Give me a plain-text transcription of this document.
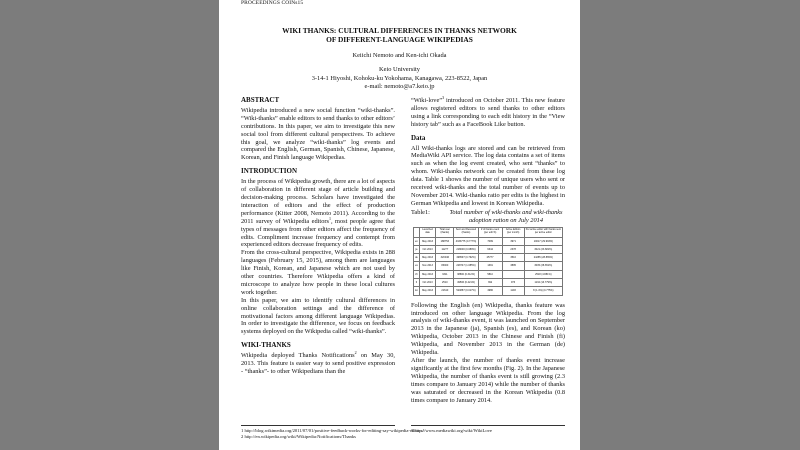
PROCEEDINGS COINs15
WIKI THANKS: CULTURAL DIFFERENCES IN THANKS NETWORK
OF DIFFERENT-LANGUAGE WIKIPEDIAS
Keiichi Nemoto and Ken-ichi Okada
Keio University
3-14-1 Hiyoshi, Kohoku-ku Yokohama, Kanagawa, 223-8522, Japan
e-mail: nemoto@a7.keio.jp
ABSTRACT
Wikipedia introduced a new social function “wiki-thanks”. “Wiki-thanks” enable editors to send thanks to other editors’ contributions. In this paper, we aim to investigate this new social tool from different cultural perspectives. To achieve this goal, we analyze “wiki-thanks” log events and compared the English, German, Spanish, Chinese, Japanese, Korean, and Finish language Wikipedias.
INTRODUCTION
In the process of Wikipedia growth, there are a lot of aspects of collaboration in different stage of article building and decision-making process. Scholars have investigated the interaction of editors and the effect of production performance (Kitter 2008, Nemoto 2011). According to the 2011 survey of Wikipedia editors$^1$, most people agree that types of messages from other editors affect the frequency of edits. Compliment increase frequency and contempt from experienced editors decrease frequency of edits.
From the cross-cultural perspective, Wikipedia exists in 288 languages (February 15, 2015), among them are languages like Finish, Korean, and Japanese which are not used by other countries. Therefore Wikipedia offers a kind of microscope to analyze how people in these local cultures work together.
In this paper, we aim to identify cultural differences in online collaboration settings and the difference of motivational factors among different language Wikipedias. In order to investigate the difference, we focus on feedback systems deployed on the Wikipedia called “wiki-thanks”.
WIKI-THANKS
Wikipedia deployed Thanks Notifications$^2$ on May 30, 2013. This feature is easier way to send positive expression - “thanks”- to other Wikipedians than the
1 http://blog.wikimedia.org/2011/07/01/positive-feedback-works-for-editing-say-wikipedia-editors/
2 http://en.wikipedia.org/wiki/Wikipedia:Notifications/Thanks
“Wiki-love”$^3$ introduced on October 2011. This new feature allows registered editors to send thanks to other editors using a link corresponding to each edit history in the “View history tab” such as a FaceBook Like button.
Data
All Wiki-thanks logs are stored and can be retrieved from MediaWiki API service. The log data contains a set of items such as when the log event created, who sent “thanks” to whom. Wiki-thanks network can be created from these log data. Table 1 shows the number of unique users who sent or received wiki-thanks and the total number of events up to November 2014. Wiki-thanks ratio per edits is the highest in German Wikipedia and lowest in Korean Wikipedia.
Table1:	Total number of wiki-thanks and wiki-thanks adoption ration on July 2014
	Launched date	Total user (thanks)	Sent and Received (thanks)	# of thanks event (per edit %)	Active Editors (per month)	Per active editor with thanks sent per active editor
en	May 2013	188753	4333775 (0.777%)	7099	3971	10017 (29.993%)
ja	Oct 2013	11277	218000 (0.089%)	6344	2378	3021 (23.681%)
de	May 2013	320046	498597 (0.762%)	25777	3516	24285 (28.865%)
es	Nov 2013	83000	228747 (1.085%)	1391	3895	3005 (28.651%)
zh	May 2013	3311	38800 (0.312%)	5810		2518 (4.881%)
fi	Oct 2013	2510	49506 (0.421%)	392	973	1134 (13.779%)
ko	May 2013	21610	520887 (0.017%)	4986	1193	8 (1.4%) (0.775%)
Following the English (en) Wikipedia, thanks feature was introduced on other language Wikipedia. From the log analysis of wiki-thanks event, it was launched on September 2013 in the Japanese (ja), Spanish (es), and Korean (ko) Wikipedia, October 2013 in the Chinese and Finish (fi) Wikipedia, and November 2013 in the German (de) Wikipedia.
After the launch, the number of thanks event increase significantly at the first few months (Fig. 2). In the Japanese Wikipedia, the number of thanks event is still growing (2.3 times compare to January 2014) while the number of thanks was saturated or decreased in the Korean Wikipedia (0.8 times compare to January 2014.
3 http://www.mediawiki.org/wiki/WikiLove
